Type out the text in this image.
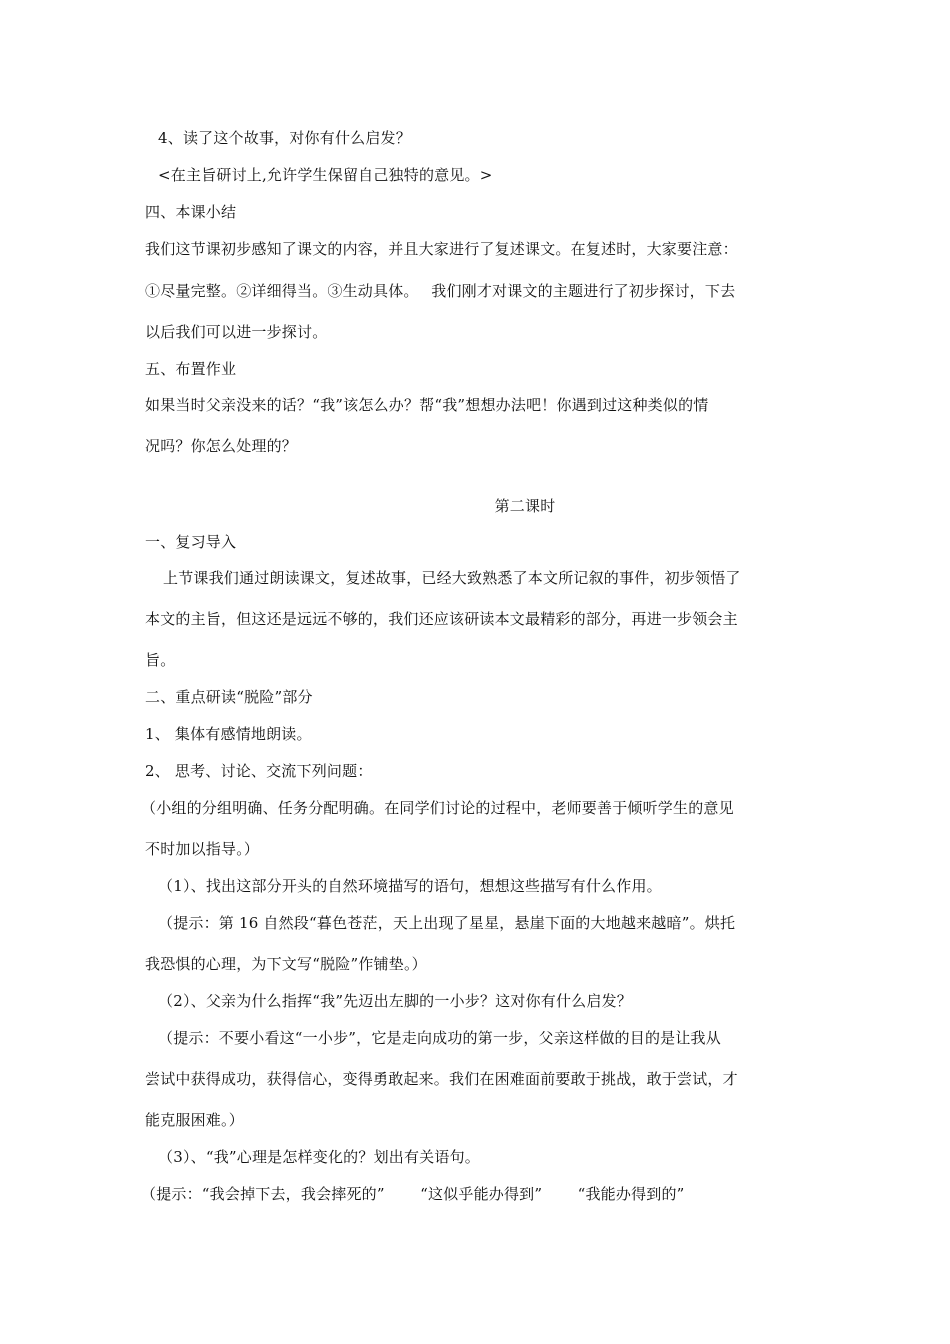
4、读了这个故事，对你有什么启发？
<在主旨研讨上,允许学生保留自己独特的意见。>
四、本课小结
我们这节课初步感知了课文的内容，并且大家进行了复述课文。在复述时，大家要注意：
①尽量完整。②详细得当。③生动具体。　 我们刚才对课文的主题进行了初步探讨，下去
以后我们可以进一步探讨。
五、布置作业
如果当时父亲没来的话？“我”该怎么办？帮“我”想想办法吧！你遇到过这种类似的情
况吗？你怎么处理的？
第二课时
一、复习导入
上节课我们通过朗读课文，复述故事，已经大致熟悉了本文所记叙的事件，初步领悟了
本文的主旨，但这还是远远不够的，我们还应该研读本文最精彩的部分，再进一步领会主
旨。
二、重点研读“脱险”部分
1、 集体有感情地朗读。
2、 思考、讨论、交流下列问题：
（小组的分组明确、任务分配明确。在同学们讨论的过程中，老师要善于倾听学生的意见
不时加以指导。）
（1）、找出这部分开头的自然环境描写的语句，想想这些描写有什么作用。
（提示：第 16 自然段“暮色苍茫，天上出现了星星，悬崖下面的大地越来越暗”。烘托
我恐惧的心理，为下文写“脱险”作铺垫。）
（2）、父亲为什么指挥“我”先迈出左脚的一小步？这对你有什么启发？
（提示：不要小看这“一小步”，它是走向成功的第一步，父亲这样做的目的是让我从
尝试中获得成功，获得信心，变得勇敢起来。我们在困难面前要敢于挑战，敢于尝试，才
能克服困难。）
（3）、“我”心理是怎样变化的？划出有关语句。
（提示：“我会掉下去，我会摔死的”　　 “这似乎能办得到”　　 “我能办得到的”
